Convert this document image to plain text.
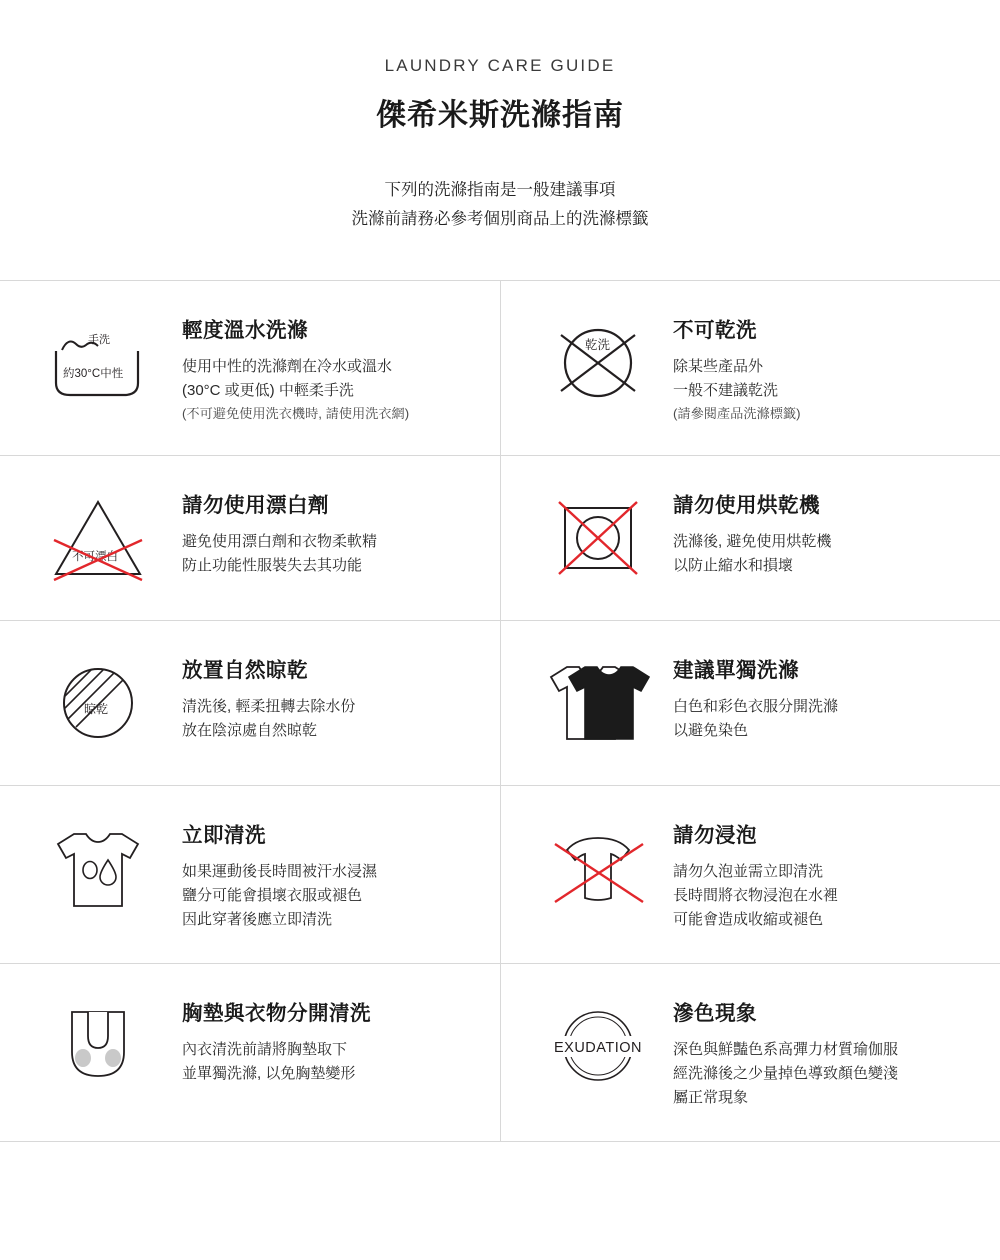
LAUNDRY CARE GUIDE
傑希米斯洗滌指南
下列的洗滌指南是一般建議事項
洗滌前請務必參考個別商品上的洗滌標籤
手洗
約30°C中性
輕度溫水洗滌
使用中性的洗滌劑在冷水或溫水
(30°C 或更低) 中輕柔手洗
(不可避免使用洗衣機時, 請使用洗衣網)
乾洗
不可乾洗
除某些產品外
一般不建議乾洗
(請參閱產品洗滌標籤)
不可漂白
請勿使用漂白劑
避免使用漂白劑和衣物柔軟精
防止功能性服裝失去其功能
請勿使用烘乾機
洗滌後, 避免使用烘乾機
以防止縮水和損壞
晾乾
放置自然晾乾
清洗後, 輕柔扭轉去除水份
放在陰涼處自然晾乾
建議單獨洗滌
白色和彩色衣服分開洗滌
以避免染色
立即清洗
如果運動後長時間被汗水浸濕
鹽分可能會損壞衣服或褪色
因此穿著後應立即清洗
請勿浸泡
請勿久泡並需立即清洗
長時間將衣物浸泡在水裡
可能會造成收縮或褪色
胸墊與衣物分開清洗
內衣清洗前請將胸墊取下
並單獨洗滌, 以免胸墊變形
EXUDATION
滲色現象
深色與鮮豔色系高彈力材質瑜伽服
經洗滌後之少量掉色導致顏色變淺
屬正常現象
